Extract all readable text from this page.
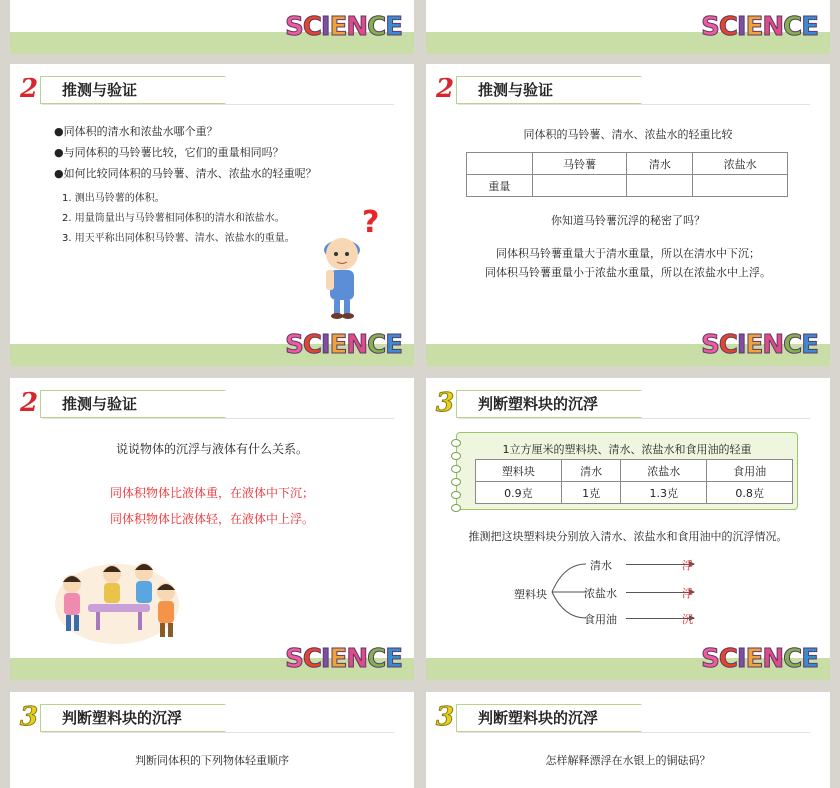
S C I E N C E	S C I E N C E
2 推测与验证
●同体积的清水和浓盐水哪个重？
●与同体积的马铃薯比较，它们的重量相同吗？
●如何比较同体积的马铃薯、清水、浓盐水的轻重呢？
1. 测出马铃薯的体积。
2. 用量筒量出与马铃薯相同体积的清水和浓盐水。
3. 用天平称出同体积马铃薯、清水、浓盐水的重量。 ?
S C I E N C E
2 推测与验证
同体积的马铃薯、清水、浓盐水的轻重比较
	马铃薯	清水	浓盐水
重量			
你知道马铃薯沉浮的秘密了吗？
同体积马铃薯重量大于清水重量，所以在清水中下沉；
同体积马铃薯重量小于浓盐水重量，所以在浓盐水中上浮。
S C I E N C E
2 推测与验证
说说物体的沉浮与液体有什么关系。
同体积物体比液体重，在液体中下沉；
同体积物体比液体轻，在液体中上浮。
S C I E N C E
3 判断塑料块的沉浮
1立方厘米的塑料块、清水、浓盐水和食用油的轻重
塑料块	清水	浓盐水	食用油
0.9克	1克	1.3克	0.8克
推测把这块塑料块分别放入清水、浓盐水和食用油中的沉浮情况。
塑料块
清水	浮
浓盐水	浮
食用油	沉
S C I E N C E
3 判断塑料块的沉浮
判断同体积的下列物体轻重顺序
3 判断塑料块的沉浮
怎样解释漂浮在水银上的铜砝码？
